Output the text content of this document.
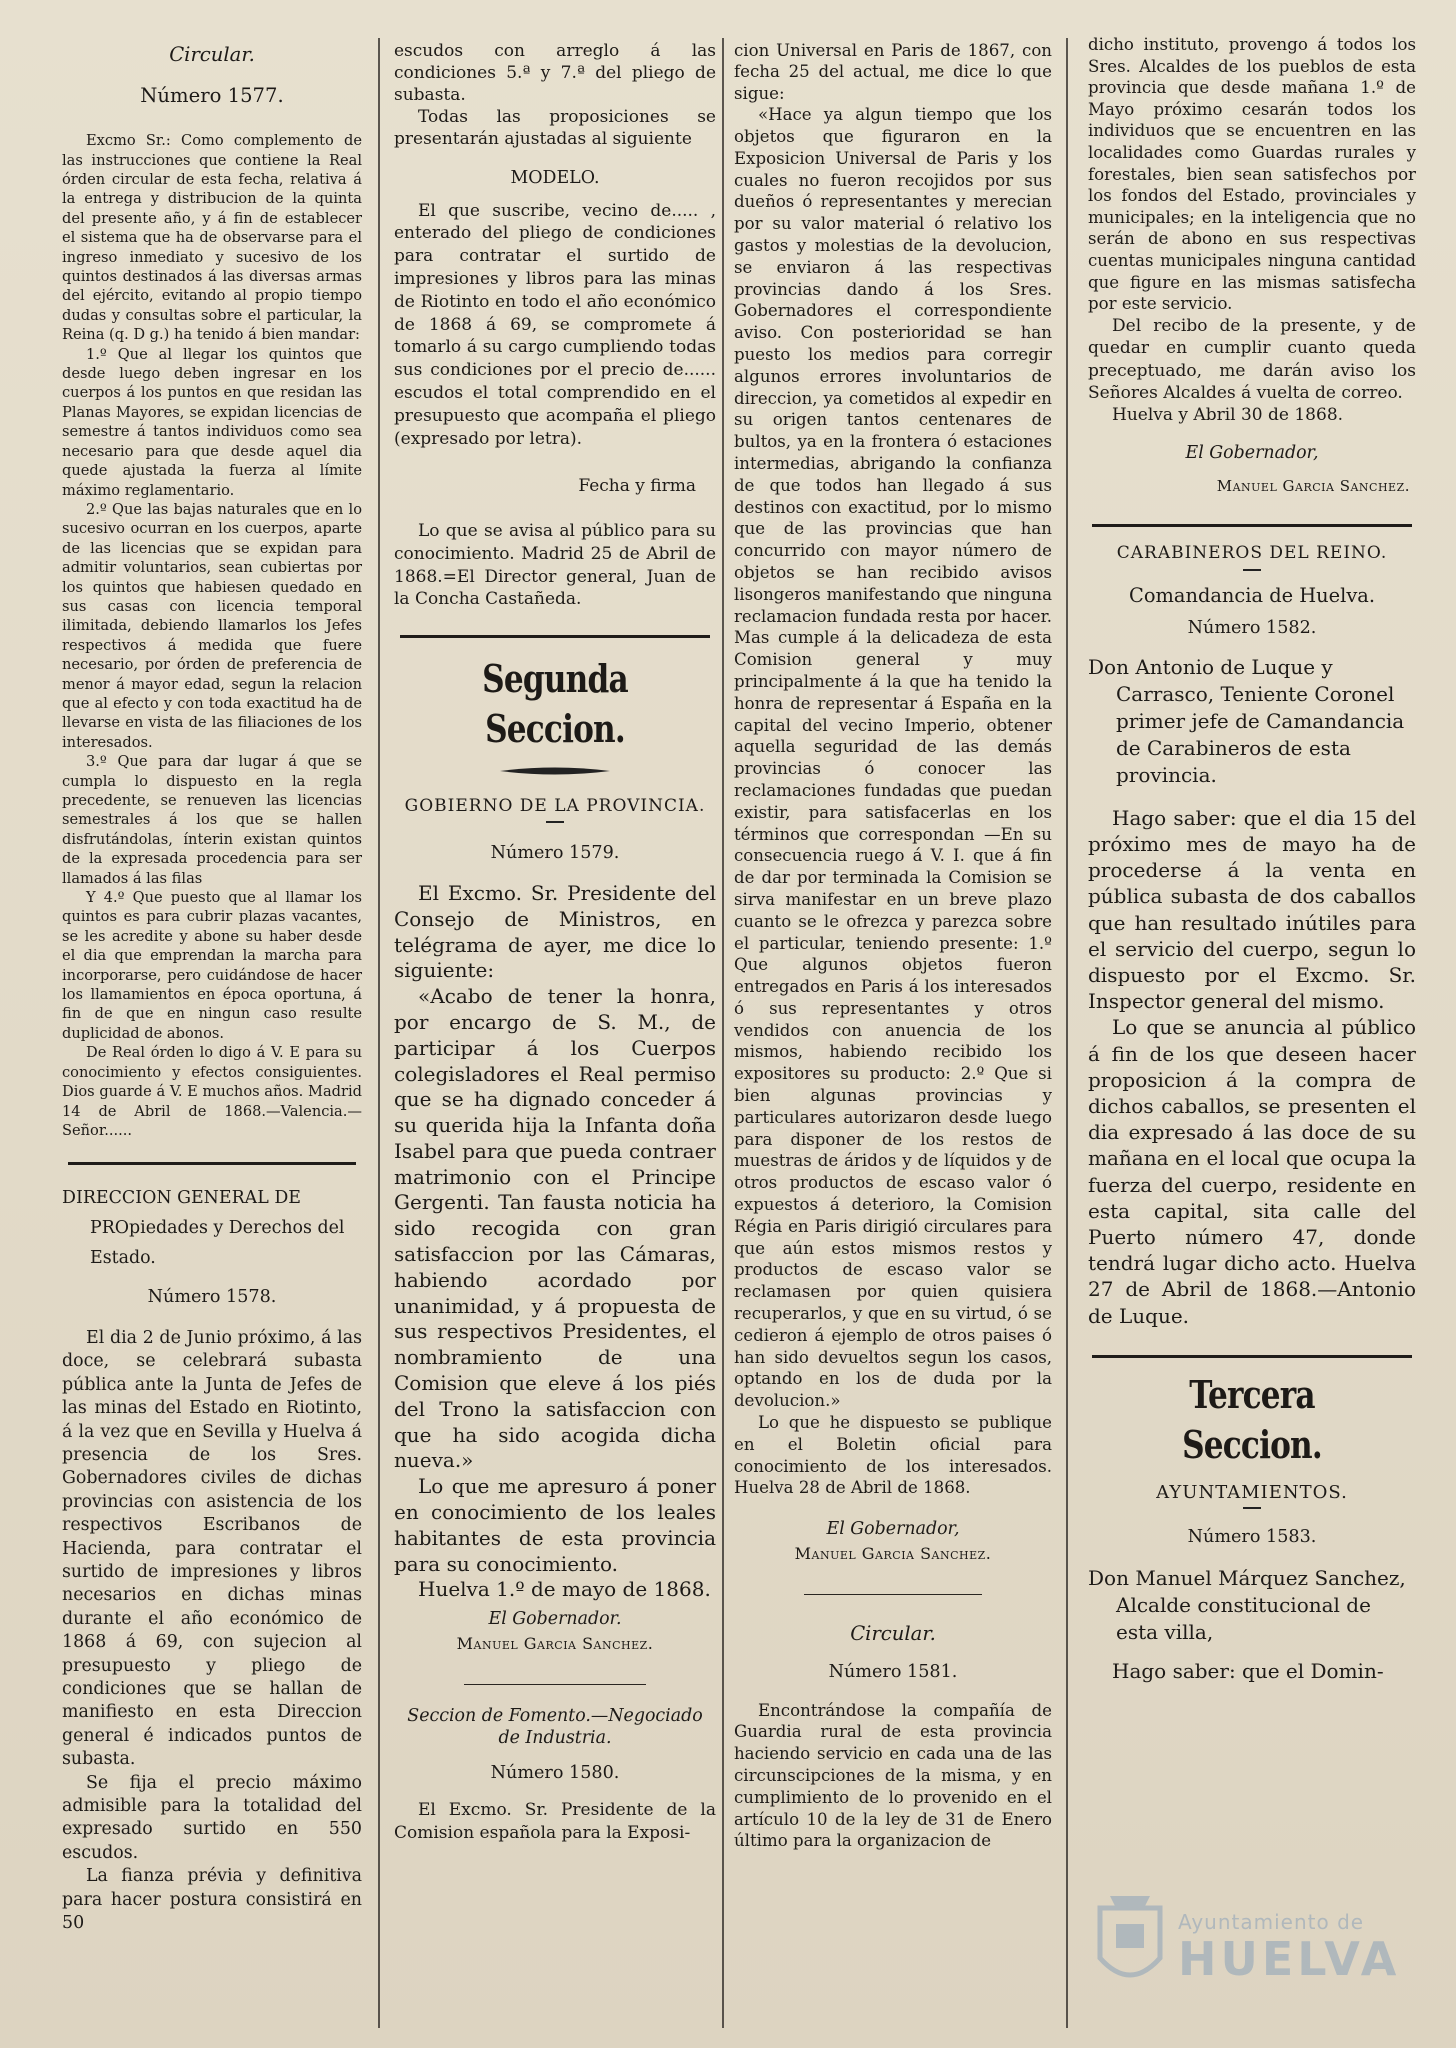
Circular.
Número 1577.

Excmo Sr.: Como complemento de las instrucciones que contiene la Real órden circular de esta fecha, relativa á la entrega y distribucion de la quinta del presente año, y á fin de establecer el sistema que ha de observarse para el ingreso inmediato y sucesivo de los quintos destinados á las diversas armas del ejército, evitando al propio tiempo dudas y consultas sobre el particular, la Reina (q. D g.) ha tenido á bien mandar:

1.º Que al llegar los quintos que desde luego deben ingresar en los cuerpos á los puntos en que residan las Planas Mayores, se expidan licencias de semestre á tantos individuos como sea necesario para que desde aquel dia quede ajustada la fuerza al límite máximo reglamentario.

2.º Que las bajas naturales que en lo sucesivo ocurran en los cuerpos, aparte de las licencias que se expidan para admitir voluntarios, sean cubiertas por los quintos que habiesen quedado en sus casas con licencia temporal ilimitada, debiendo llamarlos los Jefes respectivos á medida que fuere necesario, por órden de preferencia de menor á mayor edad, segun la relacion que al efecto y con toda exactitud ha de llevarse en vista de las filiaciones de los interesados.

3.º Que para dar lugar á que se cumpla lo dispuesto en la regla precedente, se renueven las licencias semestrales á los que se hallen disfrutándolas, ínterin existan quintos de la expresada procedencia para ser llamados á las filas

Y 4.º Que puesto que al llamar los quintos es para cubrir plazas vacantes, se les acredite y abone su haber desde el dia que emprendan la marcha para incorporarse, pero cuidándose de hacer los llamamientos en época oportuna, á fin de que en ningun caso resulte duplicidad de abonos.

De Real órden lo digo á V. E para su conocimiento y efectos consiguientes. Dios guarde á V. E muchos años. Madrid 14 de Abril de 1868.—Valencia.—Señor......

DIRECCION GENERAL DE PROpiedades y Derechos del Estado.

Número 1578.

El dia 2 de Junio próximo, á las doce, se celebrará subasta pública ante la Junta de Jefes de las minas del Estado en Riotinto, á la vez que en Sevilla y Huelva á presencia de los Sres. Gobernadores civiles de dichas provincias con asistencia de los respectivos Escribanos de Hacienda, para contratar el surtido de impresiones y libros necesarios en dichas minas durante el año económico de 1868 á 69, con sujecion al presupuesto y pliego de condiciones que se hallan de manifiesto en esta Direccion general é indicados puntos de subasta.

Se fija el precio máximo admisible para la totalidad del expresado surtido en 550 escudos.

La fianza prévia y definitiva para hacer postura consistirá en 50

escudos con arreglo á las condiciones 5.ª y 7.ª del pliego de subasta.

Todas las proposiciones se presentarán ajustadas al siguiente

MODELO.

El que suscribe, vecino de..... , enterado del pliego de condiciones para contratar el surtido de impresiones y libros para las minas de Riotinto en todo el año económico de 1868 á 69, se compromete á tomarlo á su cargo cumpliendo todas sus condiciones por el precio de...... escudos el total comprendido en el presupuesto que acompaña el pliego (expresado por letra).

Fecha y firma

Lo que se avisa al público para su conocimiento. Madrid 25 de Abril de 1868.=El Director general, Juan de la Concha Castañeda.

Segunda Seccion.
GOBIERNO DE LA PROVINCIA.
Número 1579.

El Excmo. Sr. Presidente del Consejo de Ministros, en telégrama de ayer, me dice lo siguiente:

«Acabo de tener la honra, por encargo de S. M., de participar á los Cuerpos colegisladores el Real permiso que se ha dignado conceder á su querida hija la Infanta doña Isabel para que pueda contraer matrimonio con el Principe Gergenti. Tan fausta noticia ha sido recogida con gran satisfaccion por las Cámaras, habiendo acordado por unanimidad, y á propuesta de sus respectivos Presidentes, el nombramiento de una Comision que eleve á los piés del Trono la satisfaccion con que ha sido acogida dicha nueva.»

Lo que me apresuro á poner en conocimiento de los leales habitantes de esta provincia para su conocimiento.

Huelva 1.º de mayo de 1868.

El Gobernador.
Manuel Garcia Sanchez.
Seccion de Fomento.—Negociado de Industria.
Número 1580.

El Excmo. Sr. Presidente de la Comision española para la Exposi-

cion Universal en Paris de 1867, con fecha 25 del actual, me dice lo que sigue:

«Hace ya algun tiempo que los objetos que figuraron en la Exposicion Universal de Paris y los cuales no fueron recojidos por sus dueños ó representantes y merecian por su valor material ó relativo los gastos y molestias de la devolucion, se enviaron á las respectivas provincias dando á los Sres. Gobernadores el correspondiente aviso. Con posterioridad se han puesto los medios para corregir algunos errores involuntarios de direccion, ya cometidos al expedir en su origen tantos centenares de bultos, ya en la frontera ó estaciones intermedias, abrigando la confianza de que todos han llegado á sus destinos con exactitud, por lo mismo que de las provincias que han concurrido con mayor número de objetos se han recibido avisos lisongeros manifestando que ninguna reclamacion fundada resta por hacer. Mas cumple á la delicadeza de esta Comision general y muy principalmente á la que ha tenido la honra de representar á España en la capital del vecino Imperio, obtener aquella seguridad de las demás provincias ó conocer las reclamaciones fundadas que puedan existir, para satisfacerlas en los términos que correspondan —En su consecuencia ruego á V. I. que á fin de dar por terminada la Comision se sirva manifestar en un breve plazo cuanto se le ofrezca y parezca sobre el particular, teniendo presente: 1.º Que algunos objetos fueron entregados en Paris á los interesados ó sus representantes y otros vendidos con anuencia de los mismos, habiendo recibido los expositores su producto: 2.º Que si bien algunas provincias y particulares autorizaron desde luego para disponer de los restos de muestras de áridos y de líquidos y de otros productos de escaso valor ó expuestos á deterioro, la Comision Régia en Paris dirigió circulares para que aún estos mismos restos y productos de escaso valor se reclamasen por quien quisiera recuperarlos, y que en su virtud, ó se cedieron á ejemplo de otros paises ó han sido devueltos segun los casos, optando en los de duda por la devolucion.»

Lo que he dispuesto se publique en el Boletin oficial para conocimiento de los interesados. Huelva 28 de Abril de 1868.

El Gobernador,
Manuel Garcia Sanchez.
Circular.
Número 1581.

Encontrándose la compañía de Guardia rural de esta provincia haciendo servicio en cada una de las circunscipciones de la misma, y en cumplimiento de lo provenido en el artículo 10 de la ley de 31 de Enero último para la organizacion de

dicho instituto, provengo á todos los Sres. Alcaldes de los pueblos de esta provincia que desde mañana 1.º de Mayo próximo cesarán todos los individuos que se encuentren en las localidades como Guardas rurales y forestales, bien sean satisfechos por los fondos del Estado, provinciales y municipales; en la inteligencia que no serán de abono en sus respectivas cuentas municipales ninguna cantidad que figure en las mismas satisfecha por este servicio.

Del recibo de la presente, y de quedar en cumplir cuanto queda preceptuado, me darán aviso los Señores Alcaldes á vuelta de correo.

Huelva y Abril 30 de 1868.

El Gobernador,
Manuel Garcia Sanchez.
CARABINEROS DEL REINO.
Comandancia de Huelva.
Número 1582.

Don Antonio de Luque y Carrasco, Teniente Coronel primer jefe de Camandancia de Carabineros de esta provincia.

Hago saber: que el dia 15 del próximo mes de mayo ha de procederse á la venta en pública subasta de dos caballos que han resultado inútiles para el servicio del cuerpo, segun lo dispuesto por el Excmo. Sr. Inspector general del mismo.

Lo que se anuncia al público á fin de los que deseen hacer proposicion á la compra de dichos caballos, se presenten el dia expresado á las doce de su mañana en el local que ocupa la fuerza del cuerpo, residente en esta capital, sita calle del Puerto número 47, donde tendrá lugar dicho acto. Huelva 27 de Abril de 1868.—Antonio de Luque.

Tercera Seccion.
AYUNTAMIENTOS.
Número 1583.

Don Manuel Márquez Sanchez, Alcalde constitucional de esta villa,

Hago saber: que el Domin-

Ayuntamiento de
HUELVA
